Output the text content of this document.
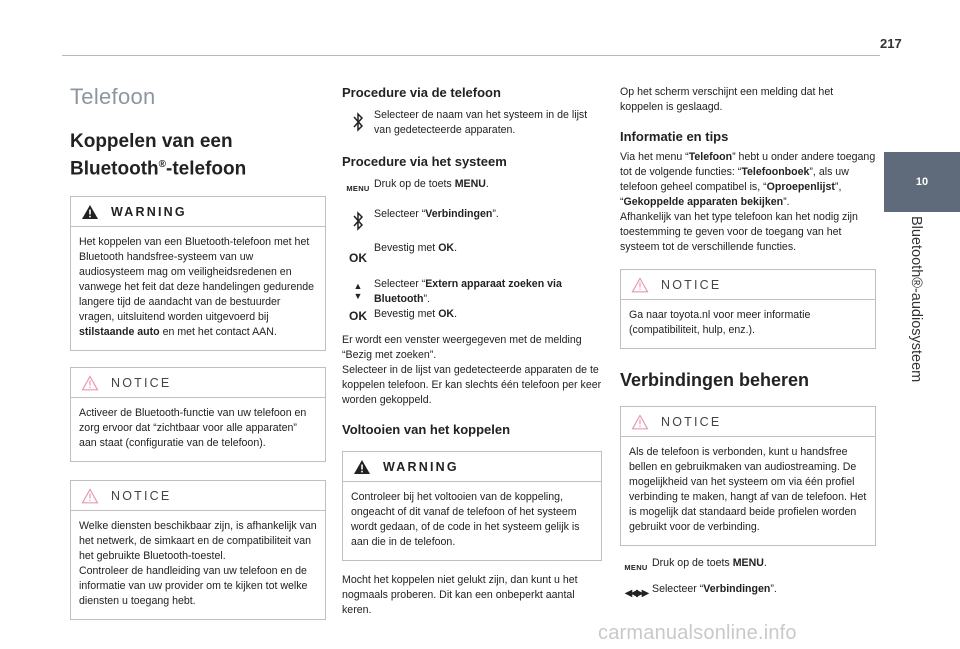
217
10
Bluetooth®-audiosysteem
Telefoon
Koppelen van een
Bluetooth®-telefoon
WARNING
Het koppelen van een Bluetooth-telefoon met het Bluetooth handsfree-systeem van uw audiosysteem mag om veiligheidsredenen en vanwege het feit dat deze handelingen gedurende langere tijd de aandacht van de bestuurder vragen, uitsluitend worden uitgevoerd bij stilstaande auto en met het contact AAN.
NOTICE
Activeer de Bluetooth-functie van uw telefoon en zorg ervoor dat “zichtbaar voor alle apparaten” aan staat (configuratie van de telefoon).
NOTICE
Welke diensten beschikbaar zijn, is afhankelijk van het netwerk, de simkaart en de compatibiliteit van het gebruikte Bluetooth-toestel.
Controleer de handleiding van uw telefoon en de informatie van uw provider om te kijken tot welke diensten u toegang hebt.
Procedure via de telefoon
Selecteer de naam van het systeem in de lijst van gedetecteerde apparaten.
Procedure via het systeem
MENU Druk op de toets MENU.
Selecteer “Verbindingen”.
OK
Bevestig met OK.
▲
▼
OK
Selecteer “Extern apparaat zoeken via Bluetooth”.
Bevestig met OK.
Er wordt een venster weergegeven met de melding “Bezig met zoeken”.
Selecteer in de lijst van gedetecteerde apparaten de te koppelen telefoon. Er kan slechts één telefoon per keer worden gekoppeld.
Voltooien van het koppelen
WARNING
Controleer bij het voltooien van de koppeling, ongeacht of dit vanaf de telefoon of het systeem wordt gedaan, of de code in het systeem gelijk is aan die in de telefoon.
Mocht het koppelen niet gelukt zijn, dan kunt u het nogmaals proberen. Dit kan een onbeperkt aantal keren.
Op het scherm verschijnt een melding dat het koppelen is geslaagd.
Informatie en tips
Via het menu “Telefoon” hebt u onder andere toegang tot de volgende functies: “Telefoonboek”, als uw telefoon geheel compatibel is, “Oproepenlijst”, “Gekoppelde apparaten bekijken”.
Afhankelijk van het type telefoon kan het nodig zijn toestemming te geven voor de toegang van het systeem tot de verschillende functies.
NOTICE
Ga naar toyota.nl voor meer informatie (compatibiliteit, hulp, enz.).
Verbindingen beheren
NOTICE
Als de telefoon is verbonden, kunt u handsfree bellen en gebruikmaken van audiostreaming. De mogelijkheid van het systeem om via één profiel verbinding te maken, hangt af van de telefoon. Het is mogelijk dat standaard beide profielen worden gebruikt voor de verbinding.
MENU Druk op de toets MENU.
◀◀▶▶ Selecteer “Verbindingen”.
carmanualsonline.info
